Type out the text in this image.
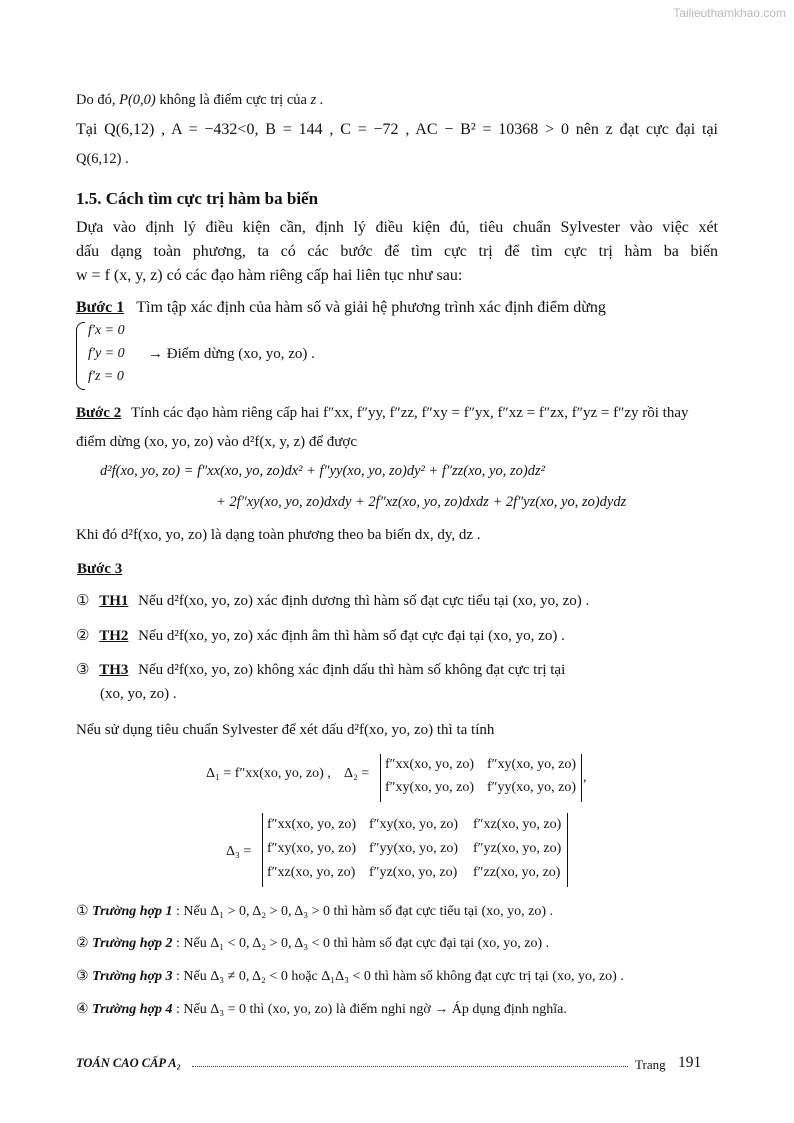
Tailieuthamkhao.com
Do đó, P(0,0) không là điểm cực trị của z .
Tại Q(6,12) , A = −432<0, B = 144 , C = −72 , AC − B² = 10368 > 0 nên z đạt cực đại tại
Q(6,12) .
1.5. Cách tìm cực trị hàm ba biến
Dựa vào định lý điều kiện cần, định lý điều kiện đủ, tiêu chuẩn Sylvester vào việc xét
dấu dạng toàn phương, ta có các bước để tìm cực trị để tìm cực trị hàm ba biến
w = f (x, y, z) có các đạo hàm riêng cấp hai liên tục như sau:
Bước 1 Tìm tập xác định của hàm số và giải hệ phương trình xác định điểm dừng
f′x = 0
f′y = 0
f′z = 0
→ Điểm dừng (xo, yo, zo) .
Bước 2 Tính các đạo hàm riêng cấp hai f″xx, f″yy, f″zz, f″xy = f″yx, f″xz = f″zx, f″yz = f″zy rồi thay
điểm dừng (xo, yo, zo) vào d²f(x, y, z) để được
d²f(xo, yo, zo) = f″xx(xo, yo, zo)dx² + f″yy(xo, yo, zo)dy² + f″zz(xo, yo, zo)dz²
+ 2f″xy(xo, yo, zo)dxdy + 2f″xz(xo, yo, zo)dxdz + 2f″yz(xo, yo, zo)dydz
Khi đó d²f(xo, yo, zo) là dạng toàn phương theo ba biến dx, dy, dz .
Bước 3
① TH1 Nếu d²f(xo, yo, zo) xác định dương thì hàm số đạt cực tiểu tại (xo, yo, zo) .
② TH2 Nếu d²f(xo, yo, zo) xác định âm thì hàm số đạt cực đại tại (xo, yo, zo) .
③ TH3 Nếu d²f(xo, yo, zo) không xác định dấu thì hàm số không đạt cực trị tại
(xo, yo, zo) .
Nếu sử dụng tiêu chuẩn Sylvester để xét dấu d²f(xo, yo, zo) thì ta tính
Δ₁ = f″xx(xo, yo, zo) , Δ₂ =
f″xx(xo, yo, zo) f″xy(xo, yo, zo)
f″xy(xo, yo, zo) f″yy(xo, yo, zo)
,
Δ₃ =
f″xx(xo, yo, zo) f″xy(xo, yo, zo) f″xz(xo, yo, zo)
f″xy(xo, yo, zo) f″yy(xo, yo, zo) f″yz(xo, yo, zo)
f″xz(xo, yo, zo) f″yz(xo, yo, zo) f″zz(xo, yo, zo)
① Trường hợp 1 : Nếu Δ₁ > 0, Δ₂ > 0, Δ₃ > 0 thì hàm số đạt cực tiểu tại (xo, yo, zo) .
② Trường hợp 2 : Nếu Δ₁ < 0, Δ₂ > 0, Δ₃ < 0 thì hàm số đạt cực đại tại (xo, yo, zo) .
③ Trường hợp 3 : Nếu Δ₃ ≠ 0, Δ₂ < 0 hoặc Δ₁Δ₃ < 0 thì hàm số không đạt cực trị tại (xo, yo, zo) .
④ Trường hợp 4 : Nếu Δ₃ = 0 thì (xo, yo, zo) là điểm nghi ngờ → Áp dụng định nghĩa.
TOÁN CAO CẤP A₂	Trang 191
